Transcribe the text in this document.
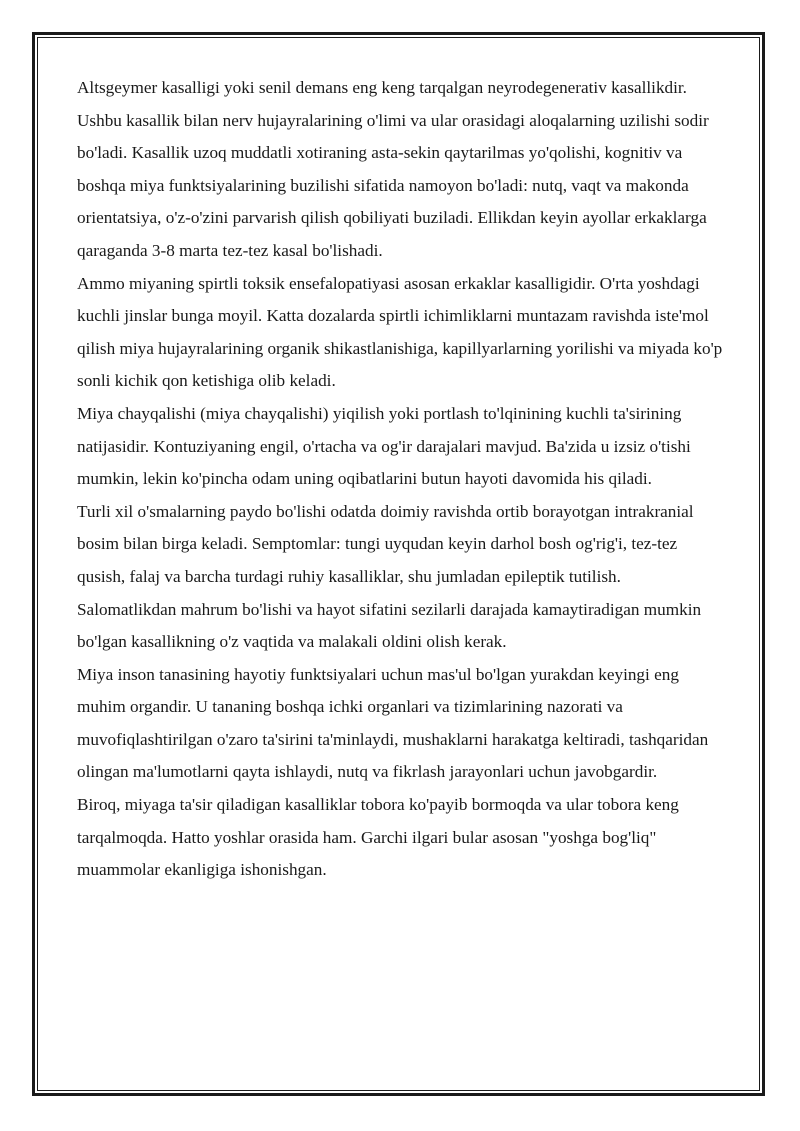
Altsgeymer kasalligi yoki senil demans eng keng tarqalgan neyrodegenerativ kasallikdir. Ushbu kasallik bilan nerv hujayralarining o'limi va ular orasidagi aloqalarning uzilishi sodir bo'ladi. Kasallik uzoq muddatli xotiraning asta-sekin qaytarilmas yo'qolishi, kognitiv va boshqa miya funktsiyalarining buzilishi sifatida namoyon bo'ladi: nutq, vaqt va makonda orientatsiya, o'z-o'zini parvarish qilish qobiliyati buziladi. Ellikdan keyin ayollar erkaklarga qaraganda 3-8 marta tez-tez kasal bo'lishadi.

Ammo miyaning spirtli toksik ensefalopatiyasi asosan erkaklar kasalligidir. O'rta yoshdagi kuchli jinslar bunga moyil. Katta dozalarda spirtli ichimliklarni muntazam ravishda iste'mol qilish miya hujayralarining organik shikastlanishiga, kapillyarlarning yorilishi va miyada ko'p sonli kichik qon ketishiga olib keladi.

Miya chayqalishi (miya chayqalishi) yiqilish yoki portlash to'lqinining kuchli ta'sirining natijasidir. Kontuziyaning engil, o'rtacha va og'ir darajalari mavjud. Ba'zida u izsiz o'tishi mumkin, lekin ko'pincha odam uning oqibatlarini butun hayoti davomida his qiladi.

Turli xil o'smalarning paydo bo'lishi odatda doimiy ravishda ortib borayotgan intrakranial bosim bilan birga keladi. Semptomlar: tungi uyqudan keyin darhol bosh og'rig'i, tez-tez qusish, falaj va barcha turdagi ruhiy kasalliklar, shu jumladan epileptik tutilish.

Salomatlikdan mahrum bo'lishi va hayot sifatini sezilarli darajada kamaytiradigan mumkin bo'lgan kasallikning o'z vaqtida va malakali oldini olish kerak.

Miya inson tanasining hayotiy funktsiyalari uchun mas'ul bo'lgan yurakdan keyingi eng muhim organdir. U tananing boshqa ichki organlari va tizimlarining nazorati va muvofiqlashtirilgan o'zaro ta'sirini ta'minlaydi, mushaklarni harakatga keltiradi, tashqaridan olingan ma'lumotlarni qayta ishlaydi, nutq va fikrlash jarayonlari uchun javobgardir.

Biroq, miyaga ta'sir qiladigan kasalliklar tobora ko'payib bormoqda va ular tobora keng tarqalmoqda. Hatto yoshlar orasida ham. Garchi ilgari bular asosan "yoshga bog'liq" muammolar ekanligiga ishonishgan.
